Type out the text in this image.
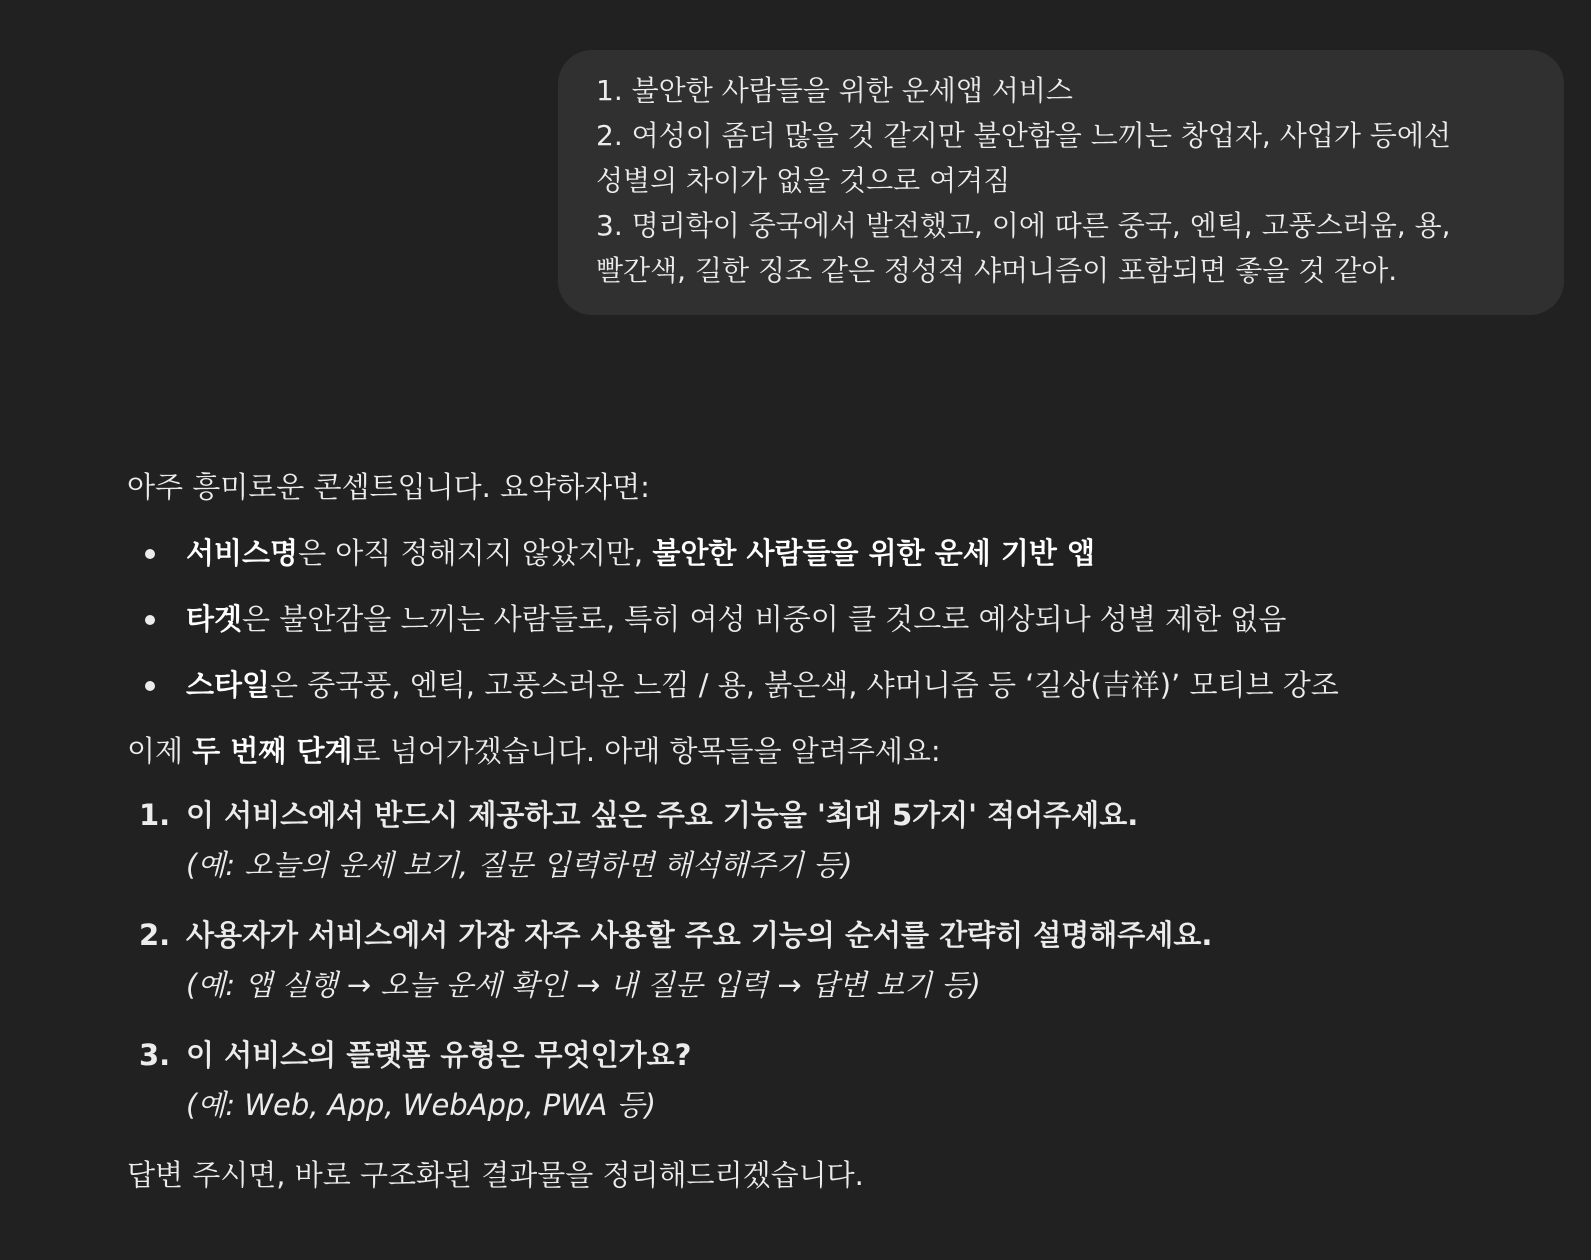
1. 불안한 사람들을 위한 운세앱 서비스

2. 여성이 좀더 많을 것 같지만 불안함을 느끼는 창업자, 사업가 등에선

성별의 차이가 없을 것으로 여겨짐

3. 명리학이 중국에서 발전했고, 이에 따른 중국, 엔틱, 고풍스러움, 용,

빨간색, 길한 징조 같은 정성적 샤머니즘이 포함되면 좋을 것 같아.

아주 흥미로운 콘셉트입니다. 요약하자면:

서비스명은 아직 정해지지 않았지만, 불안한 사람들을 위한 운세 기반 앱
타겟은 불안감을 느끼는 사람들로, 특히 여성 비중이 클 것으로 예상되나 성별 제한 없음
스타일은 중국풍, 엔틱, 고풍스러운 느낌 / 용, 붉은색, 샤머니즘 등 ‘길상(吉祥)’ 모티브 강조

이제 두 번째 단계로 넘어가겠습니다. 아래 항목들을 알려주세요:

1. 이 서비스에서 반드시 제공하고 싶은 주요 기능을 '최대 5가지' 적어주세요.
(예: 오늘의 운세 보기, 질문 입력하면 해석해주기 등)
2. 사용자가 서비스에서 가장 자주 사용할 주요 기능의 순서를 간략히 설명해주세요.
(예: 앱 실행 → 오늘 운세 확인 → 내 질문 입력 → 답변 보기 등)
3. 이 서비스의 플랫폼 유형은 무엇인가요?
(예: Web, App, WebApp, PWA 등)

답변 주시면, 바로 구조화된 결과물을 정리해드리겠습니다.
